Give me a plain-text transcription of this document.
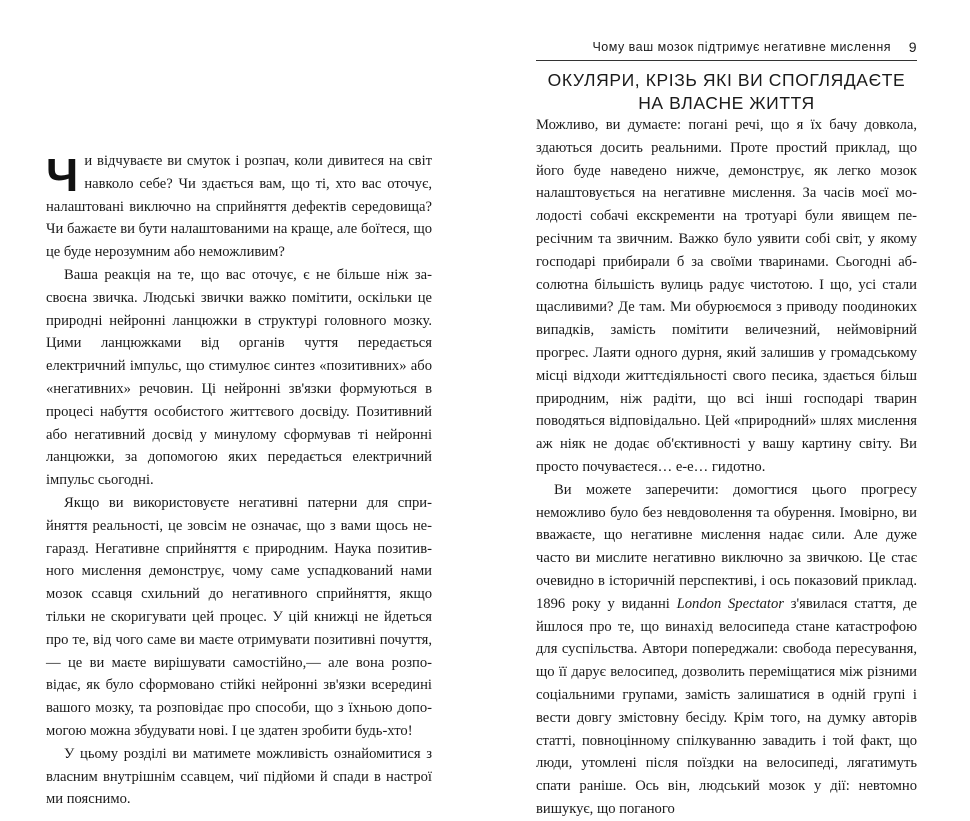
Чи відчуваєте ви смуток і розпач, коли дивитеся на світ навколо себе? Чи здається вам, що ті, хто вас оточує, налаштовані виключно на сприйняття дефектів середовища? Чи бажаєте ви бути налаштованими на краще, але боїтеся, що це буде нерозумним або неможливим?

Ваша реакція на те, що вас оточує, є не більше ніж засвоєна звичка. Людські звички важко помітити, оскільки це природні нейронні ланцюжки в структурі головного мозку. Цими ланцюжками від органів чуття передається електричний імпульс, що стимулює синтез «позитивних» або «негативних» речовин. Ці нейронні зв'язки формуються в процесі набуття особистого життєвого досвіду. Позитивний або негативний досвід у минулому сформував ті нейронні ланцюжки, за допомогою яких передається електричний імпульс сьогодні.

Якщо ви використовуєте негативні патерни для сприйняття реальності, це зовсім не означає, що з вами щось негаразд. Негативне сприйняття є природним. Наука позитивного мислення демонструє, чому саме успадкований нами мозок ссавця схильний до негативного сприйняття, якщо тільки не скоригувати цей процес. У цій книжці не йдеться про те, від чого саме ви маєте отримувати позитивні почуття,— це ви маєте вирішувати самостійно,— але вона розповідає, як було сформовано стійкі нейронні зв'язки всередині вашого мозку, та розповідає про способи, що з їхньою допомогою можна збудувати нові. І це здатен зробити будь-хто!

У цьому розділі ви матимете можливість ознайомитися з власним внутрішнім ссавцем, чиї підйоми й спади в настрої ми пояснимо.

Чому ваш мозок підтримує негативне мислення 9
ОКУЛЯРИ, КРІЗЬ ЯКІ ВИ СПОГЛЯДАЄТЕ
НА ВЛАСНЕ ЖИТТЯ

Можливо, ви думаєте: погані речі, що я їх бачу довкола, здаються досить реальними. Проте простий приклад, що його буде наведено нижче, демонструє, як легко мозок налаштовується на негативне мислення. За часів моєї молодості собачі екскременти на тротуарі були явищем пересічним та звичним. Важко було уявити собі світ, у якому господарі прибирали б за своїми тваринами. Сьогодні абсолютна більшість вулиць радує чистотою. І що, усі стали щасливими? Де там. Ми обурюємося з приводу поодиноких випадків, замість помітити величезний, неймовірний прогрес. Лаяти одного дурня, який залишив у громадському місці відходи життєдіяльності свого песика, здається більш природним, ніж радіти, що всі інші господарі тварин поводяться відповідально. Цей «природний» шлях мислення аж ніяк не додає об'єктивності у вашу картину світу. Ви просто почуваєтеся… е-е… гидотно.

Ви можете заперечити: домогтися цього прогресу неможливо було без невдоволення та обурення. Імовірно, ви вважаєте, що негативне мислення надає сили. Але дуже часто ви мислите негативно виключно за звичкою. Це стає очевидно в історичній перспективі, і ось показовий приклад. 1896 року у виданні London Spectator з'явилася стаття, де йшлося про те, що винахід велосипеда стане катастрофою для суспільства. Автори попереджали: свобода пересування, що її дарує велосипед, дозволить переміщатися між різними соціальними групами, замість залишатися в одній групі і вести довгу змістовну бесіду. Крім того, на думку авторів статті, повноцінному спілкуванню завадить і той факт, що люди, утомлені після поїздки на велосипеді, лягатимуть спати раніше. Ось він, людський мозок у дії: невтомно вишукує, що поганого
